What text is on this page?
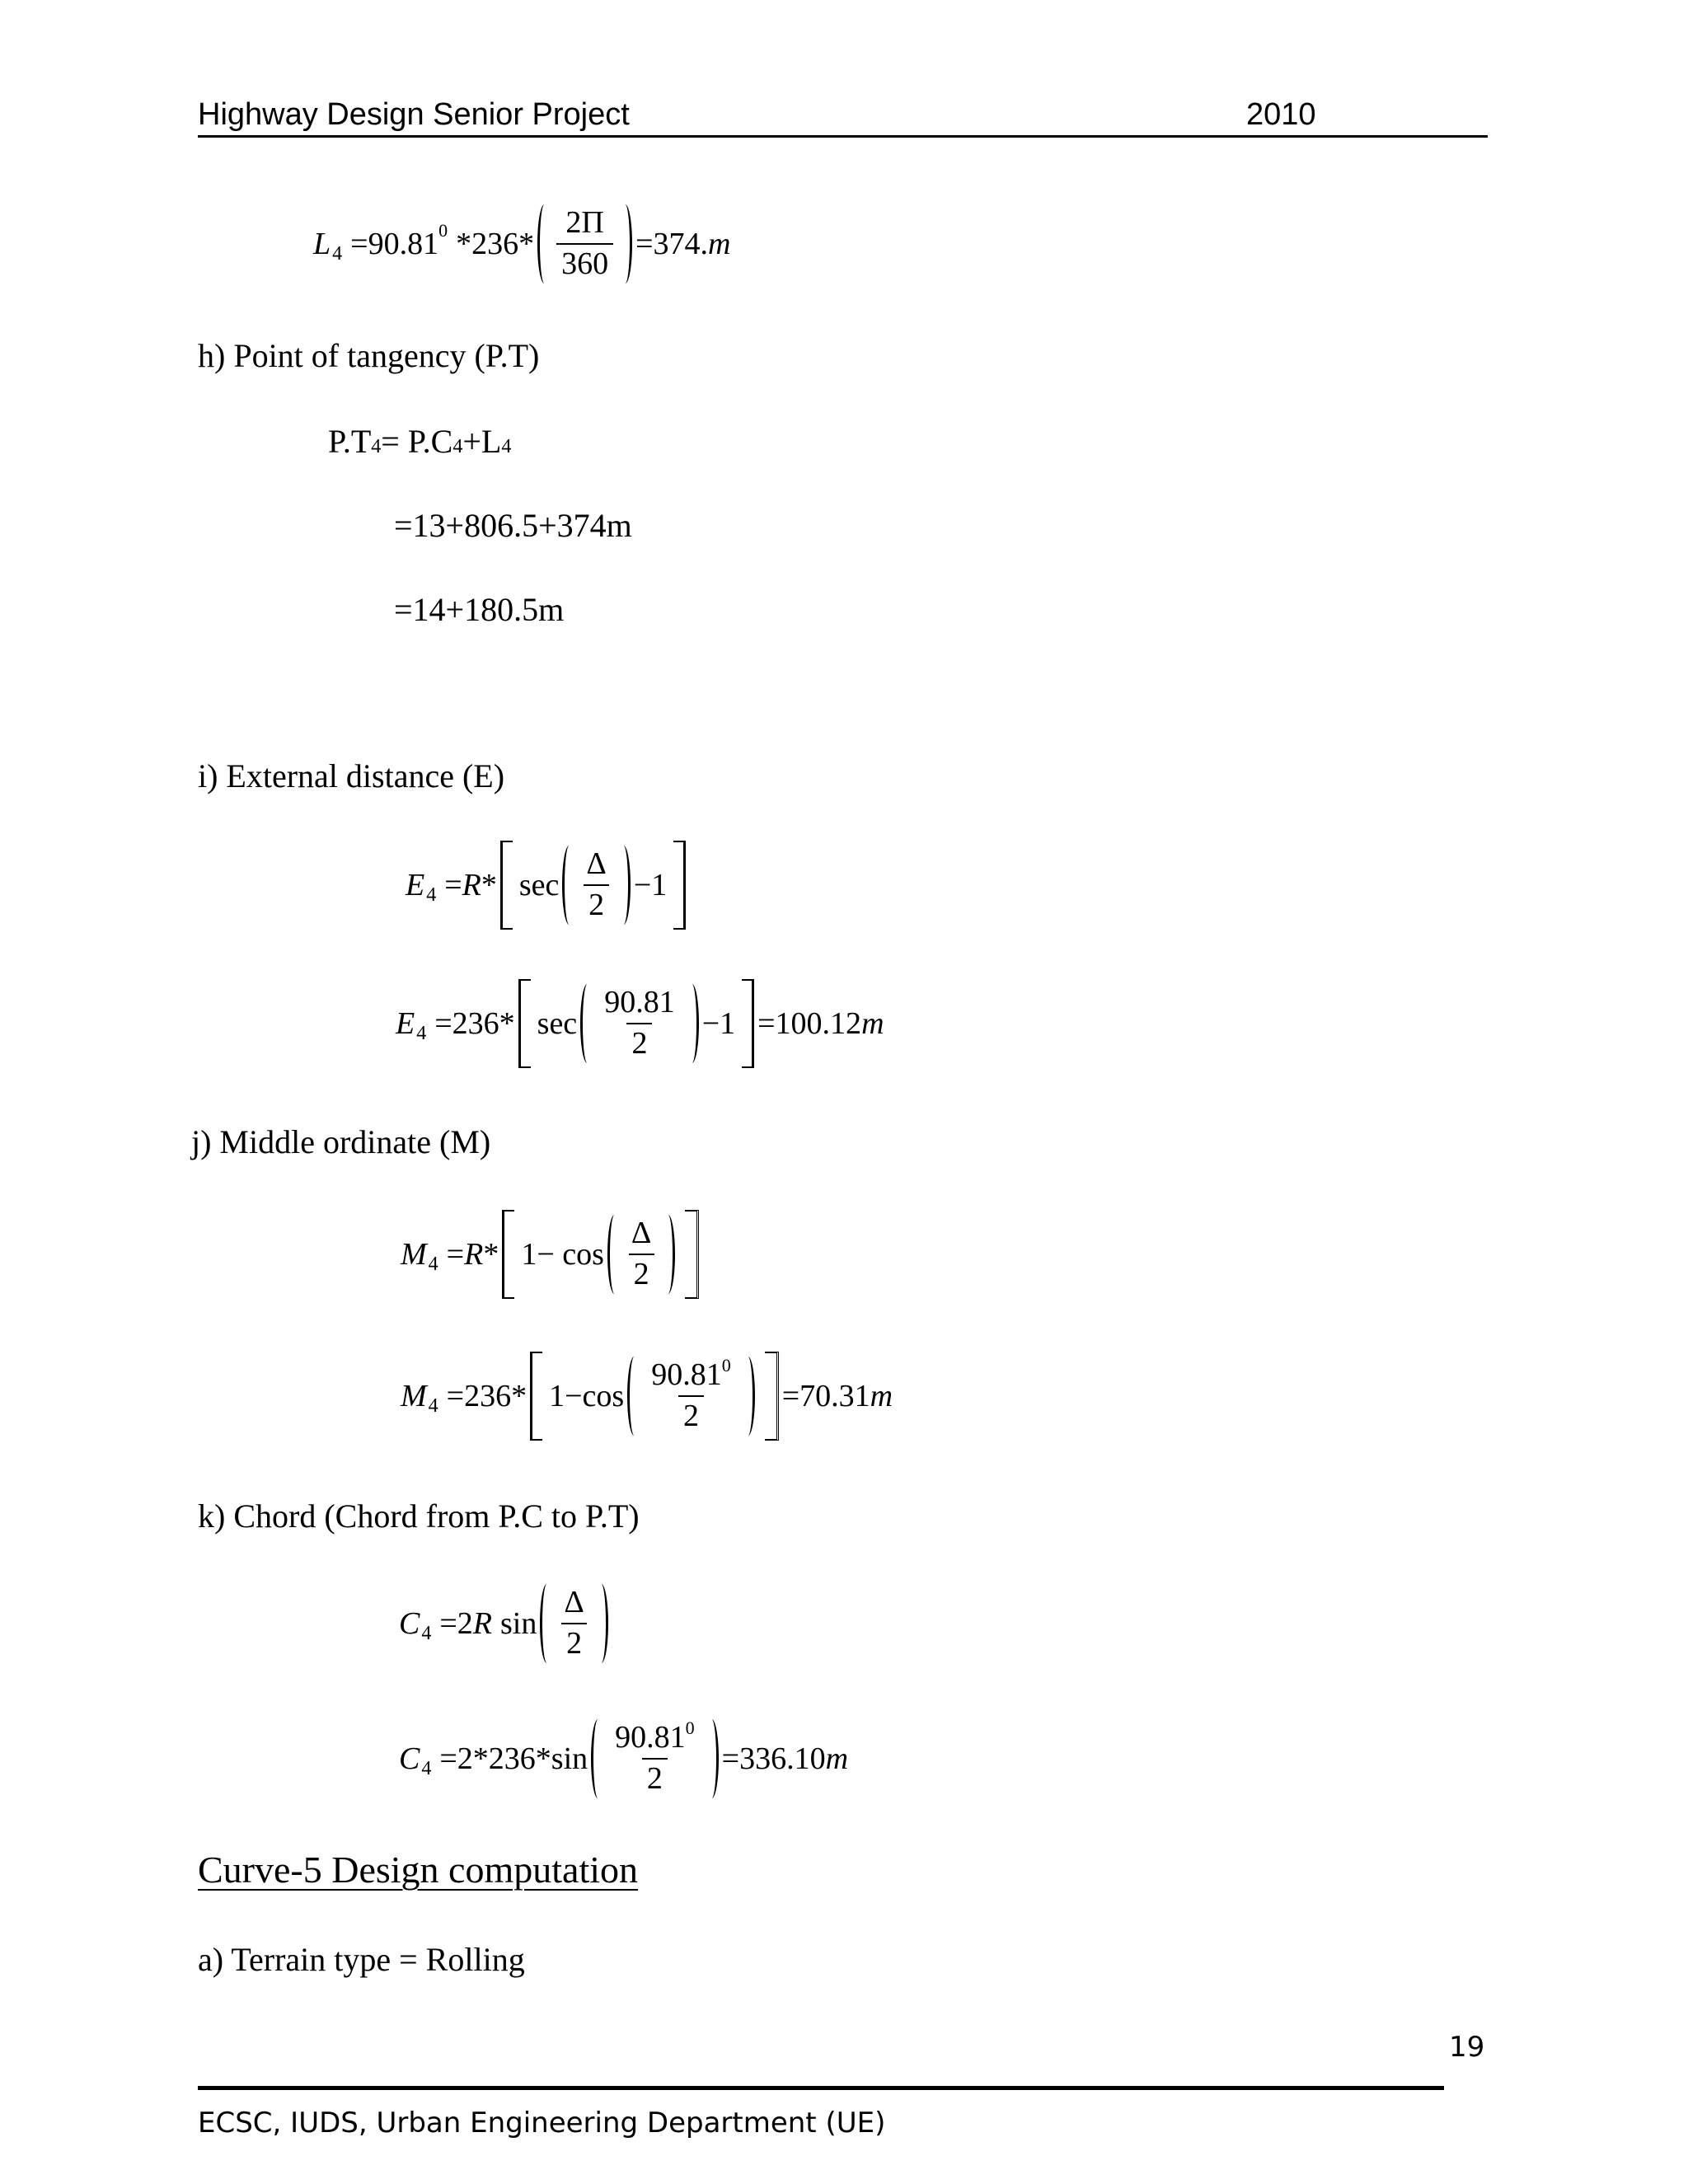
Highway Design Senior Project	2010
L 4 =90.81 0 $*236* \frac{2\Pi}{360} =374$. m
h) Point of tangency (P.T)
P.T4= P.C4+L4
=13+806.5+374m
=14+180.5m
i) External distance (E)
E $4 = R * \sec \frac{\Delta}{2} -1$
E 4 =236* $\sec \frac{90.81}{2} -1 =100.12$ m
j) Middle ordinate (M)
M $4 = R * 1- \cos \frac{\Delta}{2}$
M 4 =236* $1-\cos \frac{90.81^0}{2} =70.31$ m
k) Chord (Chord from P.C to P.T)
C 4 =2 R $\sin \frac{\Delta}{2}$
C $4 =2*236*\sin \frac{90.81^0}{2} =336.10$ m
Curve-5 Design computation
a) Terrain type = Rolling
19
ECSC, IUDS, Urban Engineering Department (UE)
